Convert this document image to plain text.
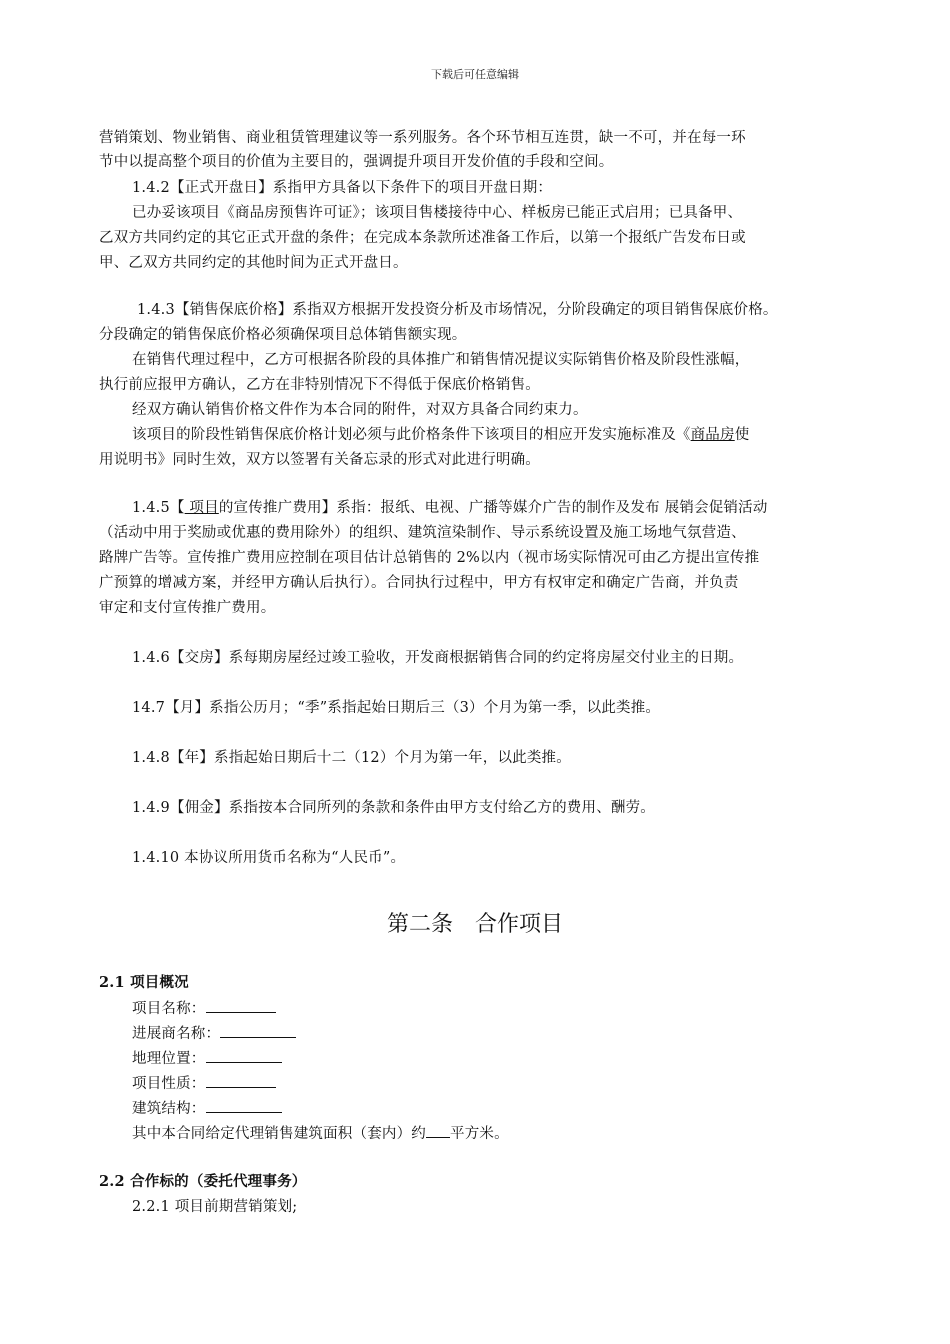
下载后可任意编辑
营销策划、物业销售、商业租赁管理建议等一系列服务。各个环节相互连贯，缺一不可，并在每一环
节中以提高整个项目的价值为主要目的，强调提升项目开发价值的手段和空间。
1.4.2【正式开盘日】系指甲方具备以下条件下的项目开盘日期：
已办妥该项目《商品房预售许可证》；该项目售楼接待中心、样板房已能正式启用；已具备甲、
乙双方共同约定的其它正式开盘的条件；在完成本条款所述准备工作后，以第一个报纸广告发布日或
甲、乙双方共同约定的其他时间为正式开盘日。
1.4.3【销售保底价格】系指双方根据开发投资分析及市场情况，分阶段确定的项目销售保底价格。
分段确定的销售保底价格必须确保项目总体销售额实现。
在销售代理过程中，乙方可根据各阶段的具体推广和销售情况提议实际销售价格及阶段性涨幅，
执行前应报甲方确认，乙方在非特别情况下不得低于保底价格销售。
经双方确认销售价格文件作为本合同的附件，对双方具备合同约束力。
该项目的阶段性销售保底价格计划必须与此价格条件下该项目的相应开发实施标准及《商品房使
用说明书》同时生效，双方以签署有关备忘录的形式对此进行明确。
1.4.5【 项目的宣传推广费用】系指：报纸、电视、广播等媒介广告的制作及发布 展销会促销活动
（活动中用于奖励或优惠的费用除外）的组织、建筑渲染制作、导示系统设置及施工场地气氛营造、
路牌广告等。宣传推广费用应控制在项目估计总销售的 2%以内（视市场实际情况可由乙方提出宣传推
广预算的增减方案，并经甲方确认后执行）。合同执行过程中，甲方有权审定和确定广告商，并负责
审定和支付宣传推广费用。
1.4.6【交房】系每期房屋经过竣工验收，开发商根据销售合同的约定将房屋交付业主的日期。
14.7【月】系指公历月；“季”系指起始日期后三（3）个月为第一季，以此类推。
1.4.8【年】系指起始日期后十二（12）个月为第一年，以此类推。
1.4.9【佣金】系指按本合同所列的条款和条件由甲方支付给乙方的费用、酬劳。
1.4.10 本协议所用货币名称为“人民币”。
第二条　合作项目
2.1 项目概况
项目名称：
进展商名称：
地理位置：
项目性质：
建筑结构：
其中本合同给定代理销售建筑面积（套内）约 平方米。
2.2 合作标的（委托代理事务）
2.2.1 项目前期营销策划;
